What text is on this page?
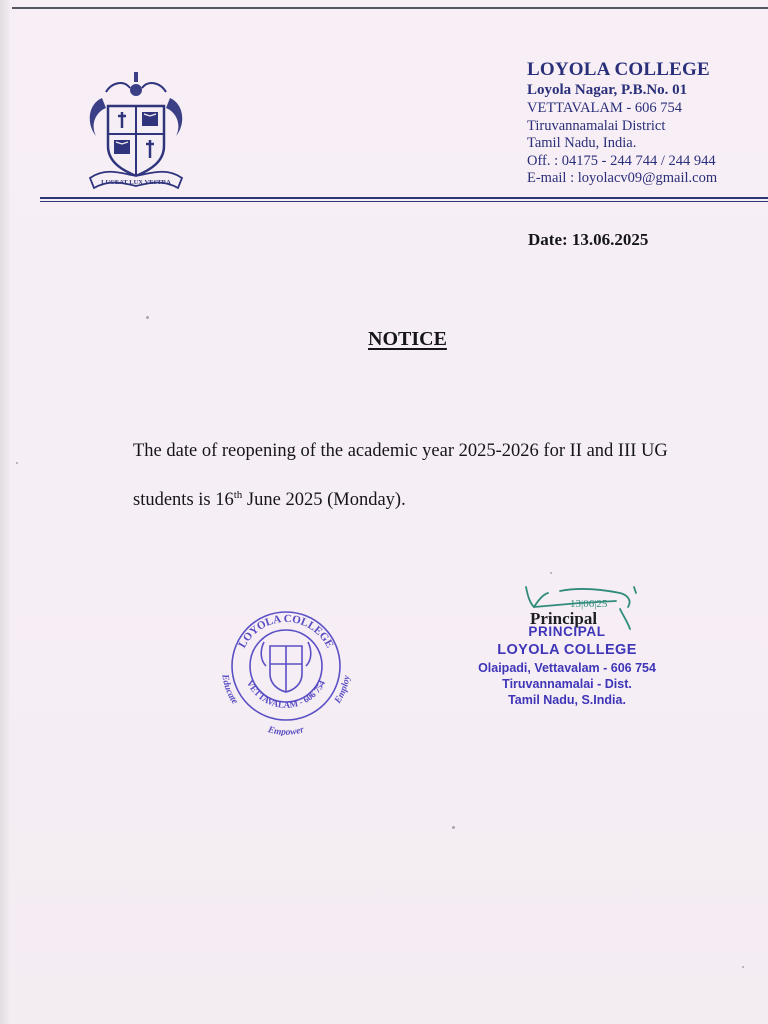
LUCEAT LUX VESTRA
LOYOLA COLLEGE
Loyola Nagar, P.B.No. 01
VETTAVALAM - 606 754
Tiruvannamalai District
Tamil Nadu, India.
Off. : 04175 - 244 744 / 244 944
E-mail : loyolacv09@gmail.com
Date: 13.06.2025
NOTICE
The date of reopening of the academic year 2025-2026 for II and III UG
students is 16th June 2025 (Monday).
LOYOLA COLLEGE
VETTAVALAM - 606 754
Educate	Employ
Empower
13|06|25
Principal
PRINCIPAL
LOYOLA COLLEGE
Olaipadi, Vettavalam - 606 754
Tiruvannamalai - Dist.
Tamil Nadu, S.India.
